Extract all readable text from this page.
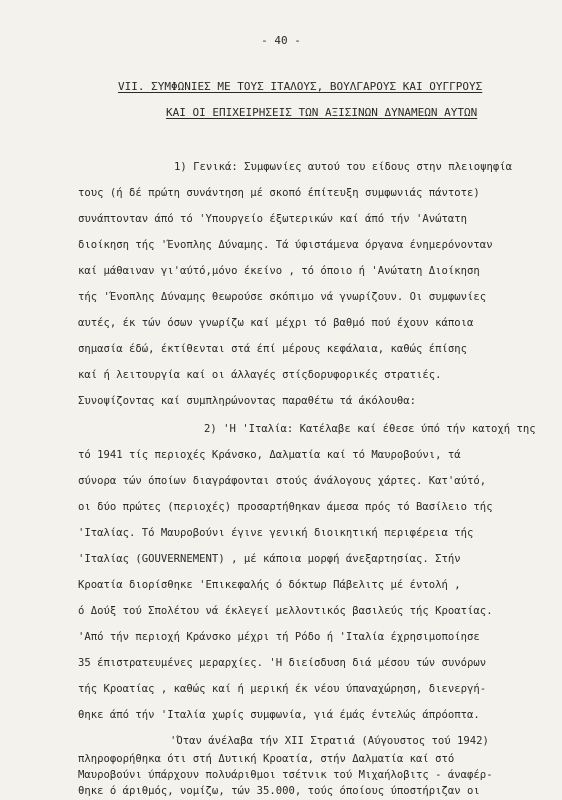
- 40 -
VII. ΣΥΜΦΩΝΙΕΣ ΜΕ ΤΟΥΣ ΙΤΑΛΟΥΣ, ΒΟΥΛΓΑΡΟΥΣ ΚΑΙ ΟΥΓΓΡΟΥΣ
ΚΑΙ ΟΙ ΕΠΙΧΕΙΡΗΣΕΙΣ ΤΩΝ ΑΞΙΣΙΝΩΝ ΔΥΝΑΜΕΩΝ ΑΥΤΩΝ
1) Γενικά: Συμφωνίες αυτού του είδους στην πλειοψηφία
τους (ή δέ πρώτη συνάντηση μέ σκοπό έπίτευξη συμφωνιάς πάντοτε)
συνάπτονταν άπό τό 'Υπουργείο έξωτερικών καί άπό τήν 'Ανώτατη
διοίκηση τής 'Ένοπλης Δύναμης. Τά ύφιστάμενα όργανα ένημερόνονταν
καί μάθαιναν γι'αύτό,μόνο έκείνο , τό όποιο ή 'Ανώτατη Διοίκηση
τής 'Ένοπλης Δύναμης θεωρούσε σκόπιμο νά γνωρίζουν. Οι συμφωνίες
αυτές, έκ τών όσων γνωρίζω καί μέχρι τό βαθμό πού έχουν κάποια
σημασία έδώ, έκτίθενται στά έπί μέρους κεφάλαια, καθώς έπίσης
καί ή λειτουργία καί οι άλλαγές στίςδορυφορικές στρατιές.
Συνοψίζοντας καί συμπληρώνοντας παραθέτω τά άκόλουθα:
2) 'Η 'Ιταλία: Κατέλαβε καί έθεσε ύπό τήν κατοχή της
τό 1941 τίς περιοχές Κράνσκο, Δαλματία καί τό Μαυροβούνι, τά
σύνορα τών όποίων διαγράφονται στούς άνάλογους χάρτες. Κατ'αύτό,
οι δύο πρώτες (περιοχές) προσαρτήθηκαν άμεσα πρός τό Βασίλειο τής
'Ιταλίας. Τό Μαυροβούνι έγινε γενική διοικητική περιφέρεια τής
'Ιταλίας (GOUVERNEMENT) , μέ κάποια μορφή άνεξαρτησίας. Στήν
Κροατία διορίσθηκε 'Επικεφαλής ό δόκτωρ Πάβελιτς μέ έντολή ,
ό Δούξ τού Σπολέτου νά έκλεγεί μελλοντικός βασιλεύς τής Κροατίας.
'Από τήν περιοχή Κράνσκο μέχρι τή Ρόδο ή 'Ιταλία έχρησιμοποίησε
35 έπιστρατευμένες μεραρχίες. 'Η διείσδυση διά μέσου τών συνόρων
τής Κροατίας , καθώς καί ή μερική έκ νέου ύπαναχώρηση, διενεργή-
θηκε άπό τήν 'Ιταλία χωρίς συμφωνία, γιά έμάς έντελώς άπρόοπτα.
'Όταν άνέλαβα τήν XII Στρατιά (Αύγουστος τού 1942)
πληροφορήθηκα ότι στή Δυτική Κροατία, στήν Δαλματία καί στό
Μαυροβούνι ύπάρχουν πολυάριθμοι τσέτνικ τού Μιχαήλοβιτς - άναφέρ-
θηκε ό άριθμός, νομίζω, τών 35.000, τούς όποίους ύποστήριζαν οι
